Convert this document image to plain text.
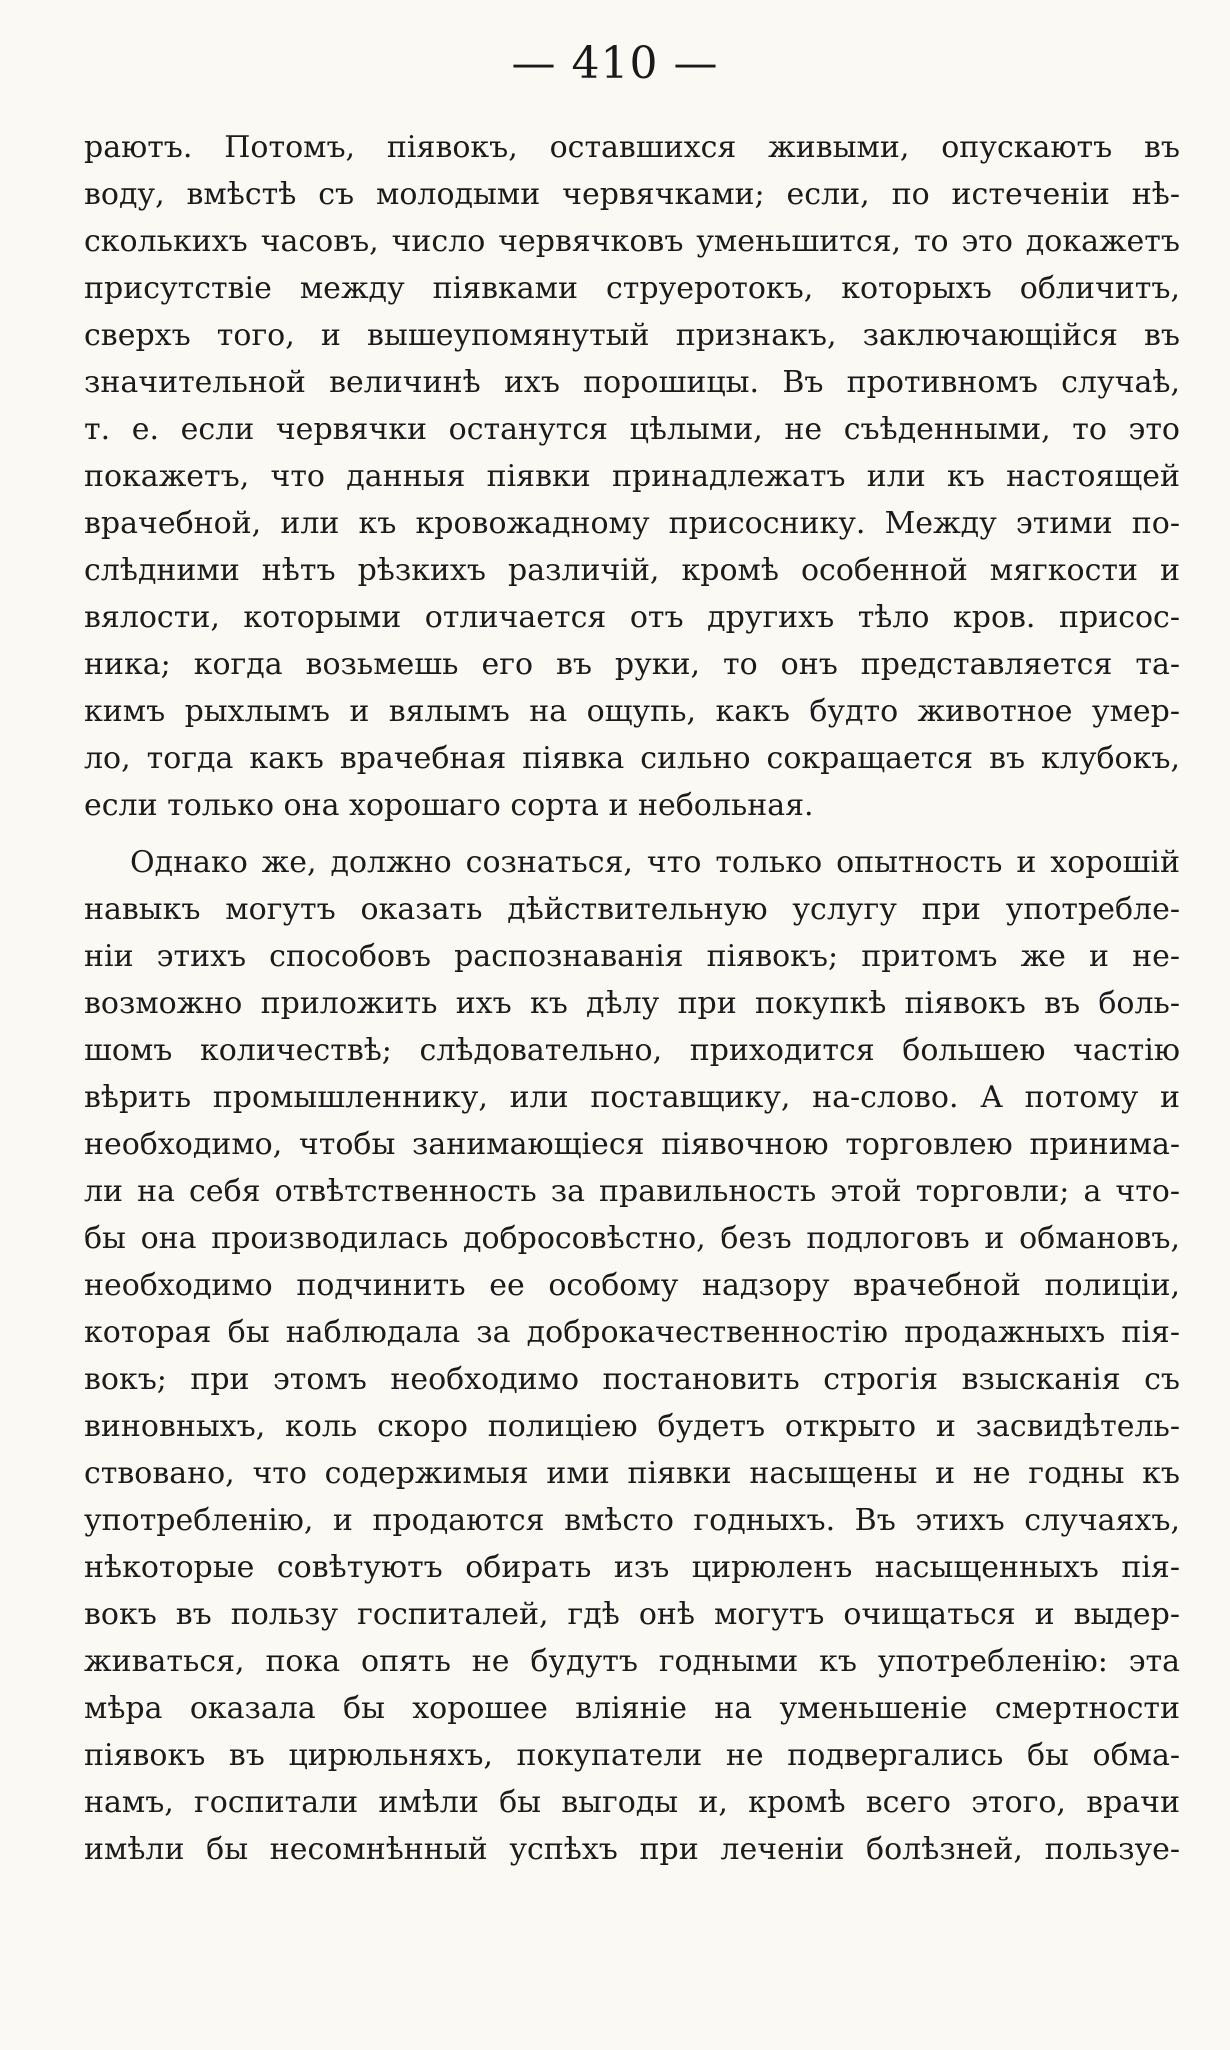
— 410 —
раютъ. Потомъ, піявокъ, оставшихся живыми, опускаютъ въ
воду, вмѣстѣ съ молодыми червячками; если, по истеченіи нѣ-
сколькихъ часовъ, число червячковъ уменьшится, то это докажетъ
присутствіе между піявками струеротокъ, которыхъ обличитъ,
сверхъ того, и вышеупомянутый признакъ, заключающійся въ
значительной величинѣ ихъ порошицы. Въ противномъ случаѣ,
т. е. если червячки останутся цѣлыми, не съѣденными, то это
покажетъ, что данныя піявки принадлежатъ или къ настоящей
врачебной, или къ кровожадному присоснику. Между этими по-
слѣдними нѣтъ рѣзкихъ различій, кромѣ особенной мягкости и
вялости, которыми отличается отъ другихъ тѣло кров. присос-
ника; когда возьмешь его въ руки, то онъ представляется та-
кимъ рыхлымъ и вялымъ на ощупь, какъ будто животное умер-
ло, тогда какъ врачебная піявка сильно сокращается въ клубокъ,
если только она хорошаго сорта и небольная.
Однако же, должно сознаться, что только опытность и хорошій
навыкъ могутъ оказать дѣйствительную услугу при употребле-
ніи этихъ способовъ распознаванія піявокъ; притомъ же и не-
возможно приложить ихъ къ дѣлу при покупкѣ піявокъ въ боль-
шомъ количествѣ; слѣдовательно, приходится большею частію
вѣрить промышленнику, или поставщику, на-слово. А потому и
необходимо, чтобы занимающіеся піявочною торговлею принима-
ли на себя отвѣтственность за правильность этой торговли; а что-
бы она производилась добросовѣстно, безъ подлоговъ и обмановъ,
необходимо подчинить ее особому надзору врачебной полиціи,
которая бы наблюдала за доброкачественностію продажныхъ пія-
вокъ; при этомъ необходимо постановить строгія взысканія съ
виновныхъ, коль скоро полиціею будетъ открыто и засвидѣтель-
ствовано, что содержимыя ими піявки насыщены и не годны къ
употребленію, и продаются вмѣсто годныхъ. Въ этихъ случаяхъ,
нѣкоторые совѣтуютъ обирать изъ цирюленъ насыщенныхъ пія-
вокъ въ пользу госпиталей, гдѣ онѣ могутъ очищаться и выдер-
живаться, пока опять не будутъ годными къ употребленію: эта
мѣра оказала бы хорошее вліяніе на уменьшеніе смертности
піявокъ въ цирюльняхъ, покупатели не подвергались бы обма-
намъ, госпитали имѣли бы выгоды и, кромѣ всего этого, врачи
имѣли бы несомнѣнный успѣхъ при леченіи болѣзней, пользуе-
